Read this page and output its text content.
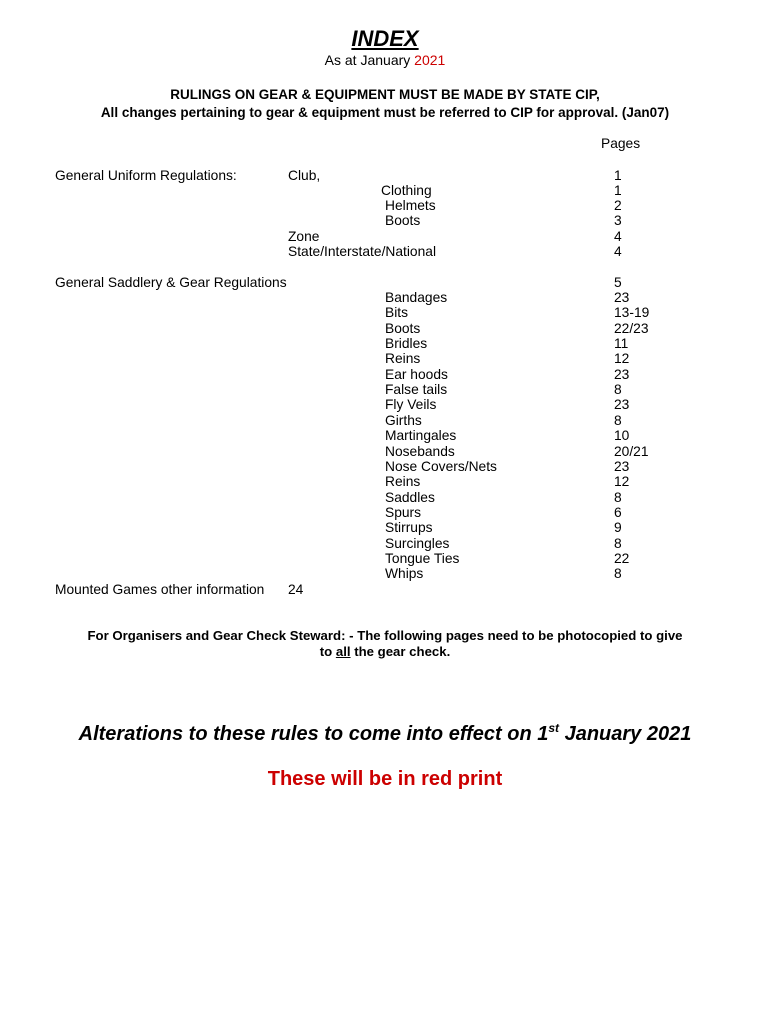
INDEX
As at January 2021
RULINGS ON GEAR & EQUIPMENT MUST BE MADE BY STATE CIP,
All changes pertaining to gear & equipment must be referred to CIP for approval. (Jan07)
Pages
General Uniform Regulations:	Club,	1
Clothing	1
Helmets	2
Boots	3
Zone	4
State/Interstate/National	4
General Saddlery & Gear Regulations	5
Bandages	23
Bits	13-19
Boots	22/23
Bridles	11
Reins	12
Ear hoods	23
False tails	8
Fly Veils	23
Girths	8
Martingales	10
Nosebands	20/21
Nose Covers/Nets	23
Reins	12
Saddles	8
Spurs	6
Stirrups	9
Surcingles	8
Tongue Ties	22
Whips	8
Mounted Games other information 24
For Organisers and Gear Check Steward: - The following pages need to be photocopied to give
to all the gear check.
Alterations to these rules to come into effect on 1st January 2021
These will be in red print
